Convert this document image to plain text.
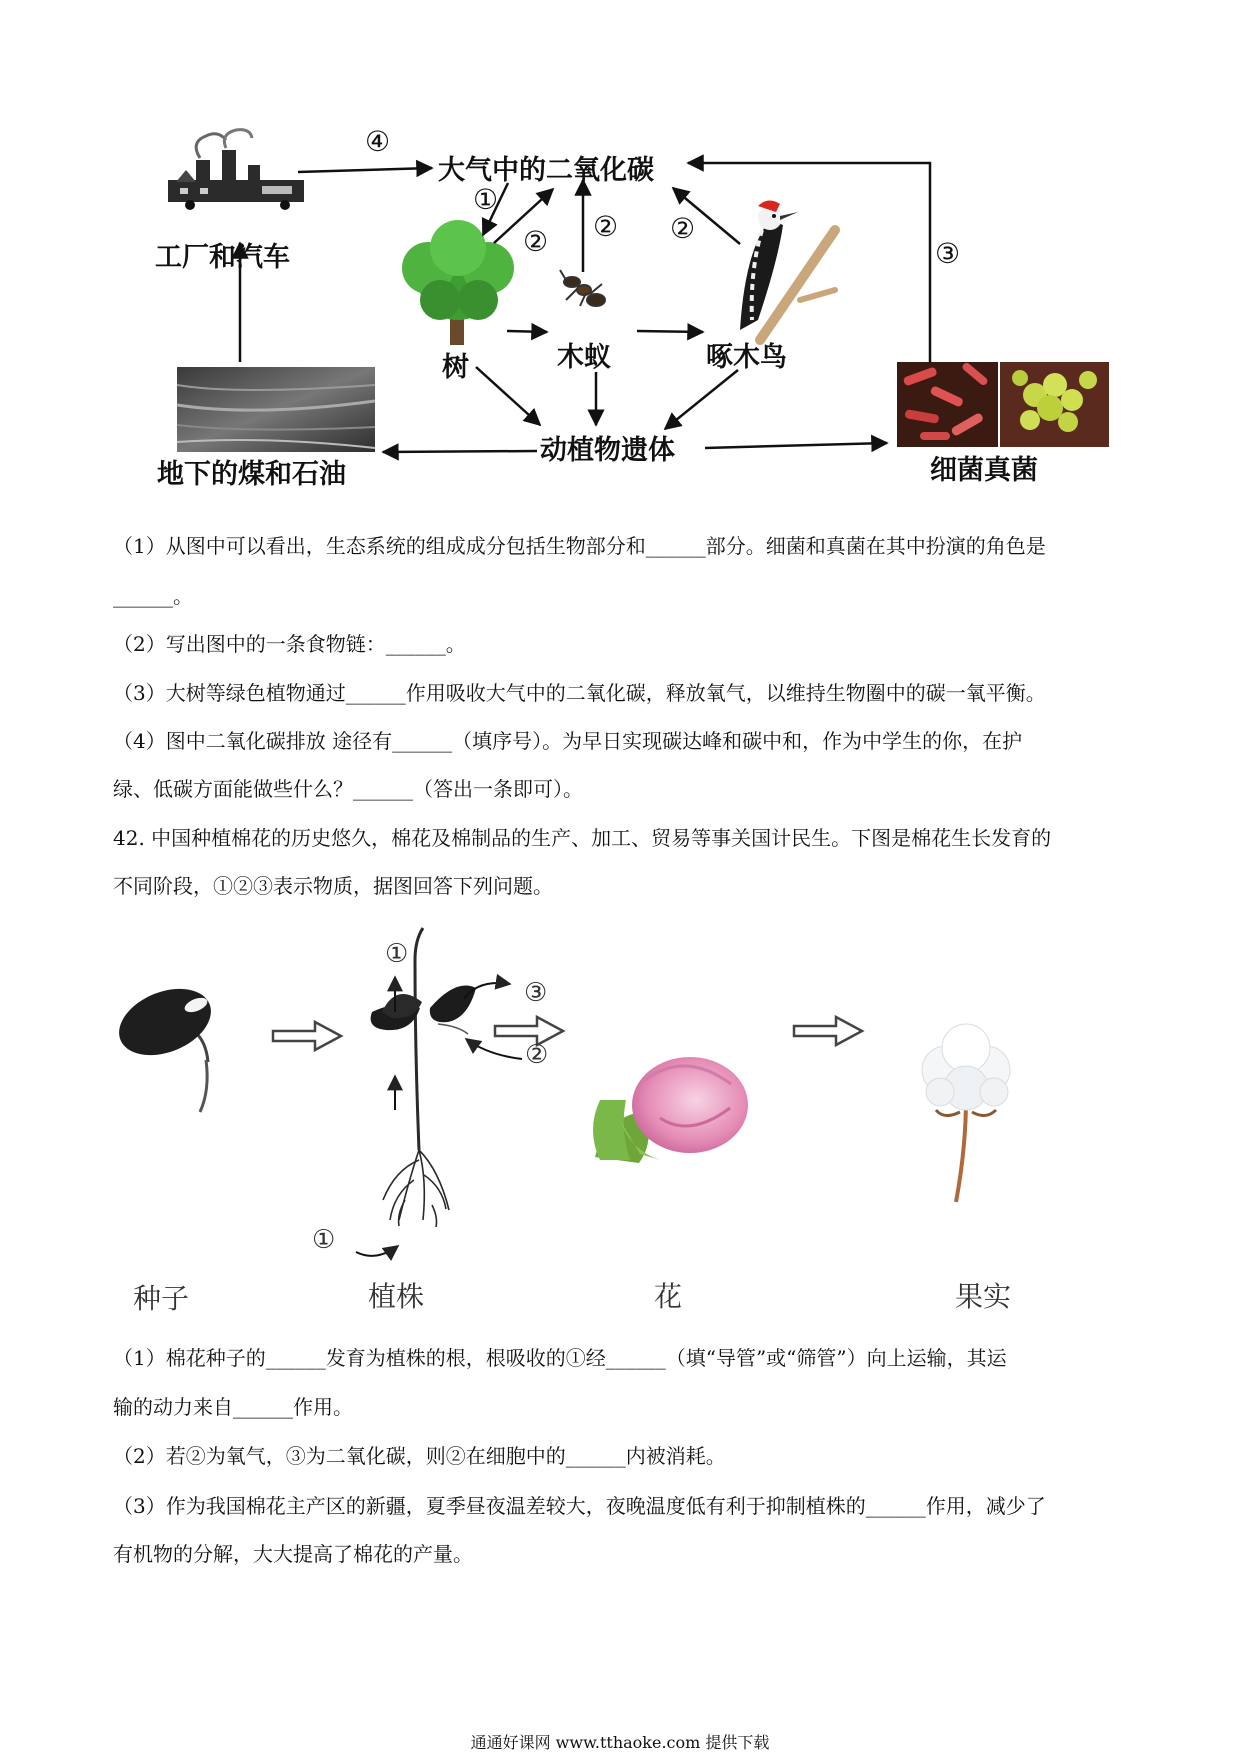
大气中的二氧化碳
工厂和汽车
树	木蚁	啄木鸟
动植物遗体
地下的煤和石油	细菌真菌
④
①
② ② ②
③
（1）从图中可以看出，生态系统的组成成分包括生物部分和______部分。细菌和真菌在其中扮演的角色是
______。
（2）写出图中的一条食物链：______。
（3）大树等绿色植物通过______作用吸收大气中的二氧化碳，释放氧气，以维持生物圈中的碳一氧平衡。
（4）图中二氧化碳排放 途径有______（填序号）。为早日实现碳达峰和碳中和，作为中学生的你，在护
绿、低碳方面能做些什么？______（答出一条即可）。
42. 中国种植棉花的历史悠久，棉花及棉制品的生产、加工、贸易等事关国计民生。下图是棉花生长发育的
不同阶段，①②③表示物质，据图回答下列问题。
①
③
②
①
种子	植株	花	果实
（1）棉花种子的______发育为植株的根，根吸收的①经______（填“导管”或“筛管”）向上运输，其运
输的动力来自______作用。
（2）若②为氧气，③为二氧化碳，则②在细胞中的______内被消耗。
（3）作为我国棉花主产区的新疆，夏季昼夜温差较大，夜晚温度低有利于抑制植株的______作用，减少了
有机物的分解，大大提高了棉花的产量。
通通好课网 www.tthaoke.com 提供下载
